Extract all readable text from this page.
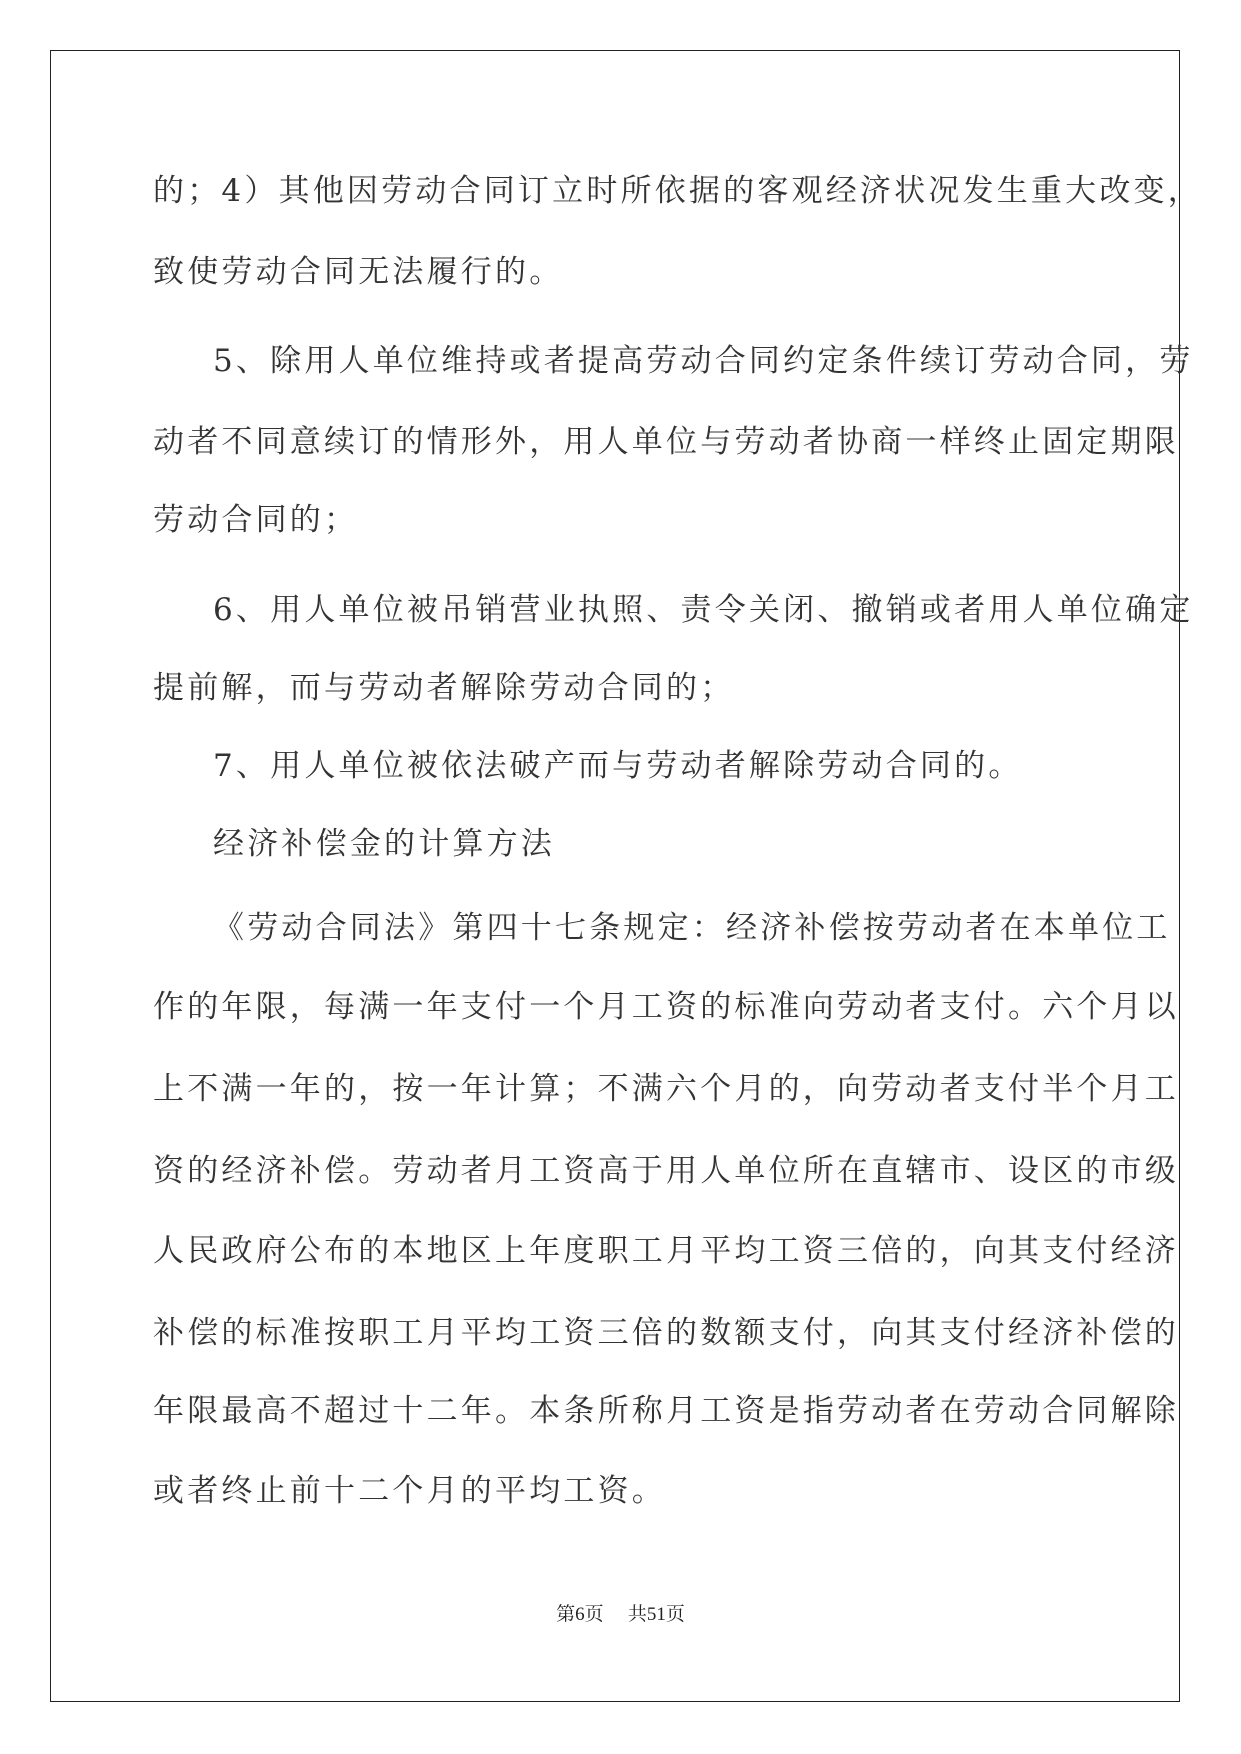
的；4）其他因劳动合同订立时所依据的客观经济状况发生重大改变，
致使劳动合同无法履行的。
5、除用人单位维持或者提高劳动合同约定条件续订劳动合同，劳
动者不同意续订的情形外，用人单位与劳动者协商一样终止固定期限
劳动合同的；
6、用人单位被吊销营业执照、责令关闭、撤销或者用人单位确定
提前解，而与劳动者解除劳动合同的；
7、用人单位被依法破产而与劳动者解除劳动合同的。
经济补偿金的计算方法
《劳动合同法》第四十七条规定：经济补偿按劳动者在本单位工
作的年限，每满一年支付一个月工资的标准向劳动者支付。六个月以
上不满一年的，按一年计算；不满六个月的，向劳动者支付半个月工
资的经济补偿。劳动者月工资高于用人单位所在直辖市、设区的市级
人民政府公布的本地区上年度职工月平均工资三倍的，向其支付经济
补偿的标准按职工月平均工资三倍的数额支付，向其支付经济补偿的
年限最高不超过十二年。本条所称月工资是指劳动者在劳动合同解除
或者终止前十二个月的平均工资。
第6页 共51页
